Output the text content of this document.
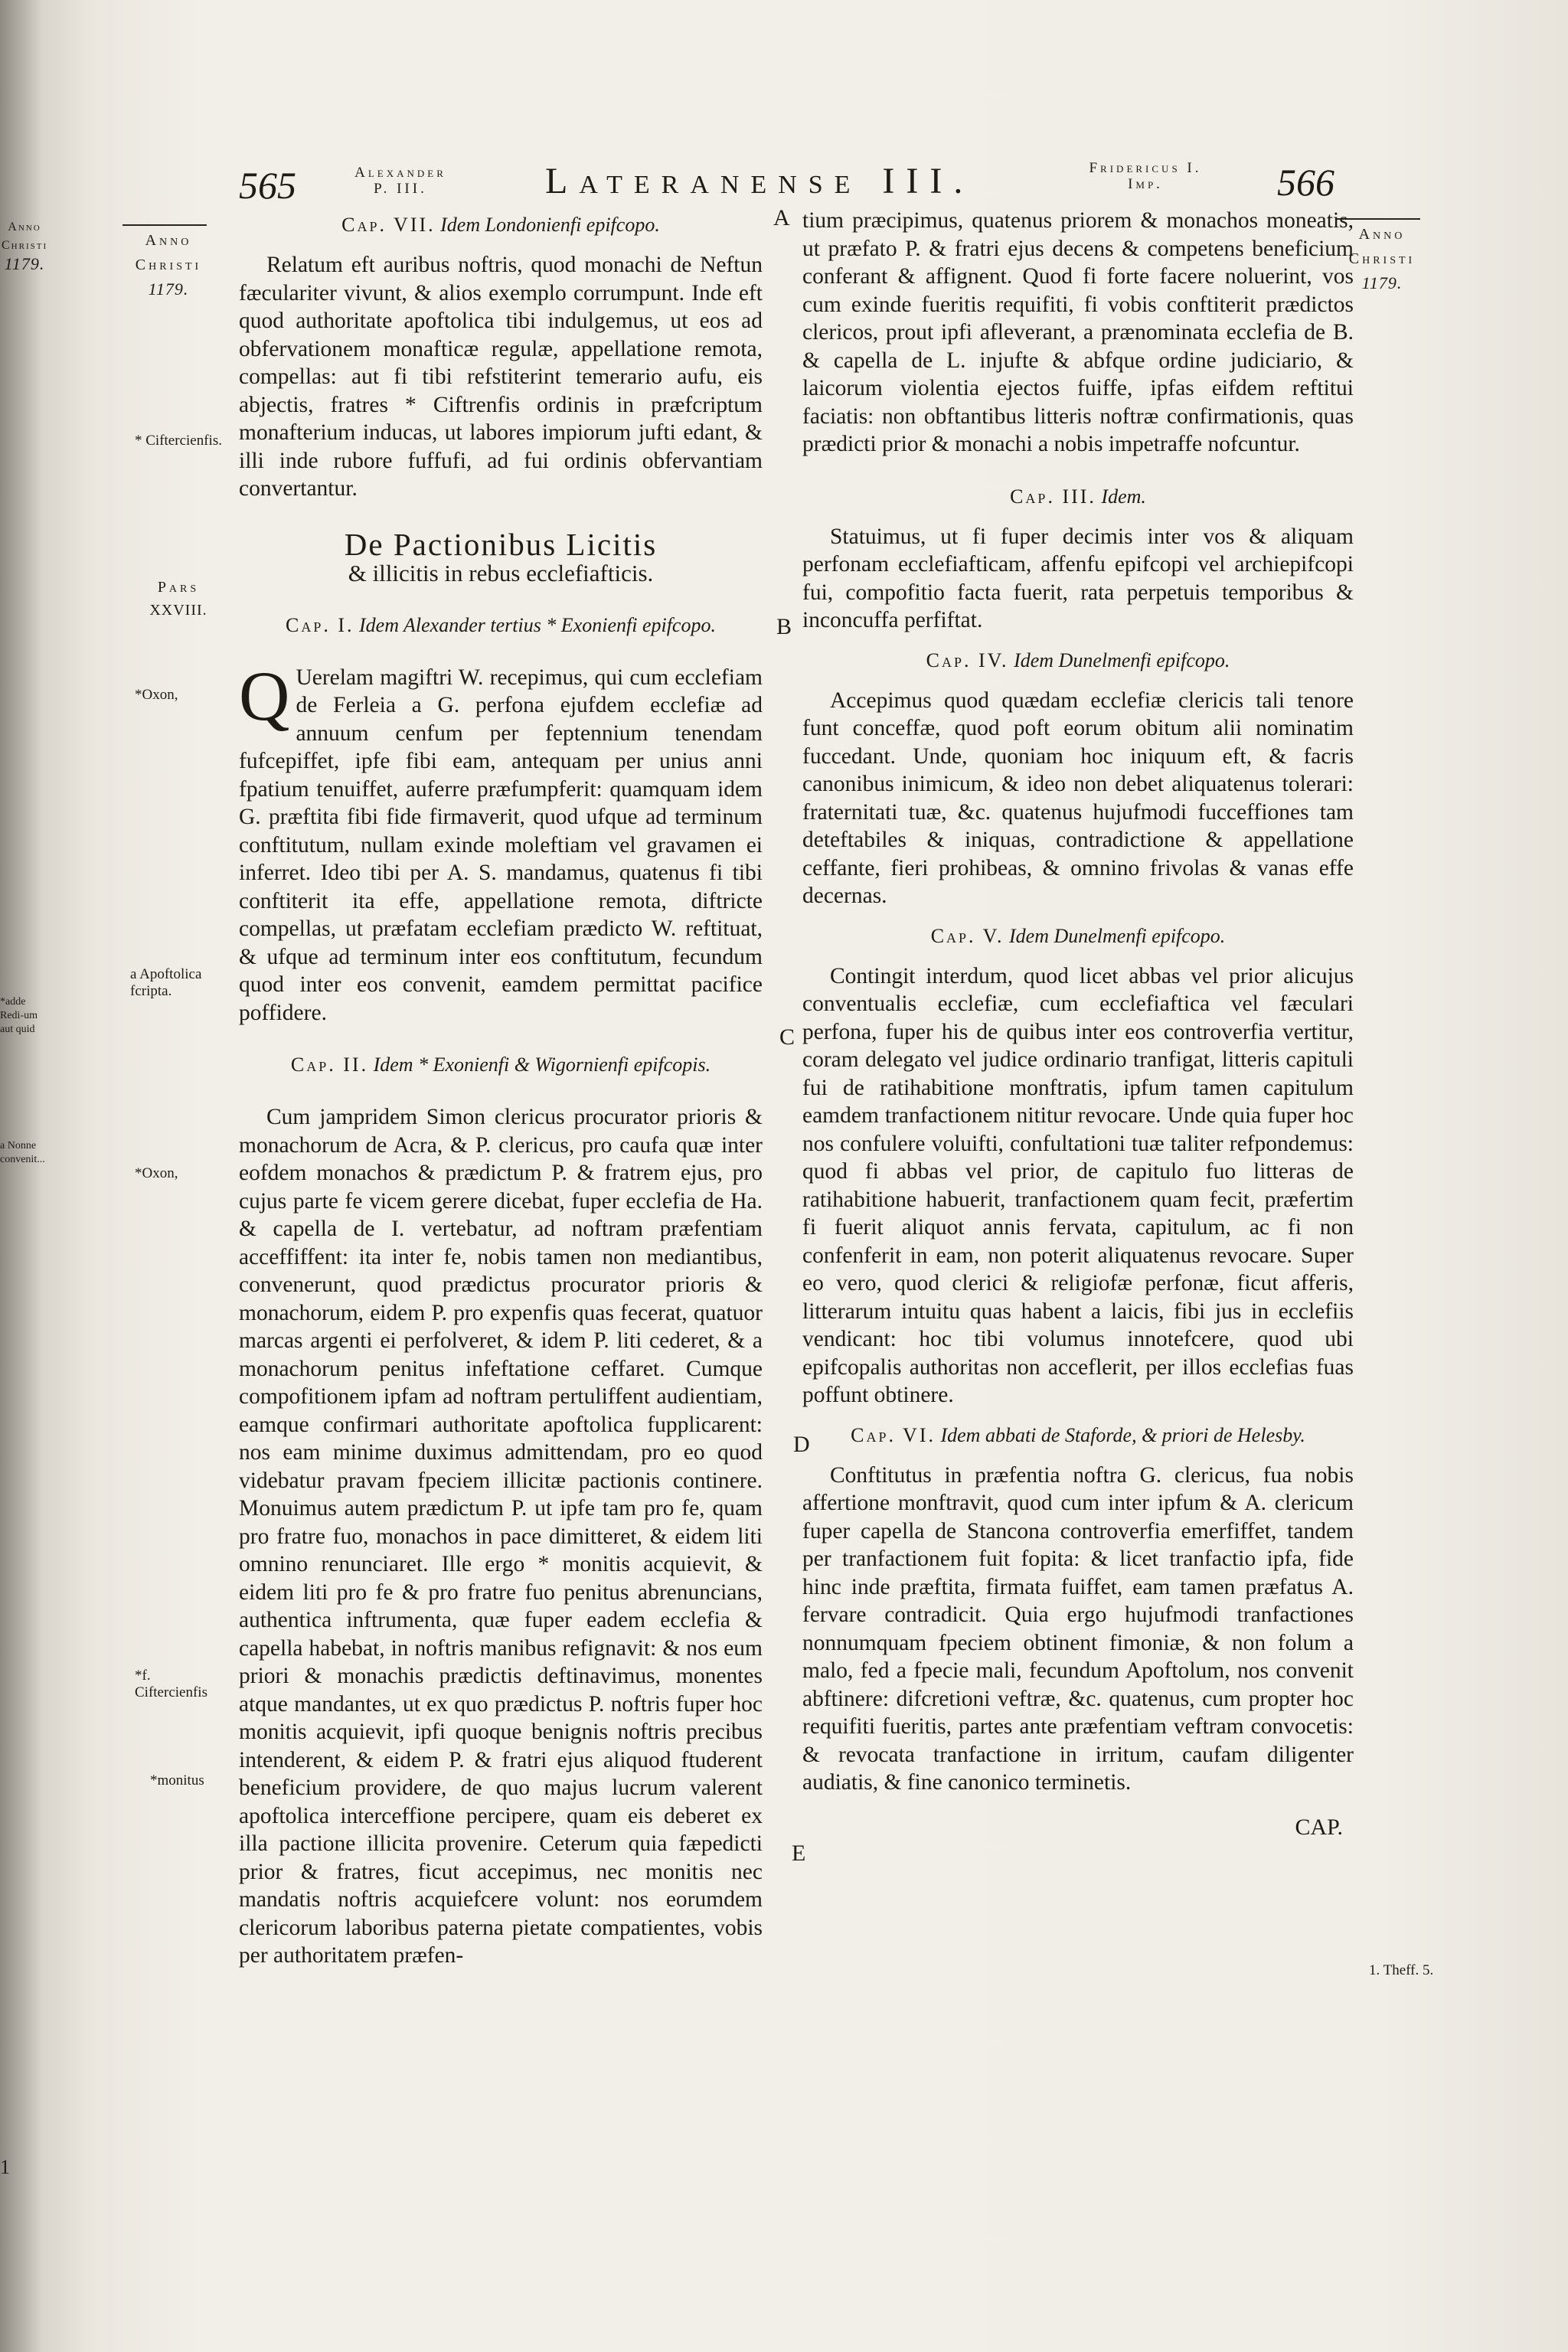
Anno
Christi
1179.
*adde Redi-um aut quid
a Nonne convenit...
1
565	Alexander
P. III.	Lateranense III.	Fridericus I.
Imp.	566
Anno
Christi
1179.
Anno
Christi
1179.
Pars
XXVIII.
* Ciftercienfis.
*Oxon,
a Apoftolica fcripta.
*Oxon,
*f. Ciftercienfis
*monitus
1. Theff. 5.
A
B
C
D
E
Cap. VII. Idem Londonienfi epifcopo.

Relatum eft auribus noftris, quod monachi de Neftun fæculariter vivunt, & alios exemplo corrumpunt. Inde eft quod authoritate apoftolica tibi indulgemus, ut eos ad obfervationem monafticæ regulæ, appellatione remota, compellas: aut fi tibi refstiterint temerario aufu, eis abjectis, fratres * Ciftrenfis ordinis in præfcriptum monafterium inducas, ut labores impiorum jufti edant, & illi inde rubore fuffufi, ad fui ordinis obfervantiam convertantur.

De Pactionibus Licitis
& illicitis in rebus ecclefiafticis.
Cap. I. Idem Alexander tertius * Exonienfi epifcopo.

Q Uerelam magiftri W. recepimus, qui cum ecclefiam de Ferleia a G. perfona ejufdem ecclefiæ ad annuum cenfum per feptennium tenendam fufcepiffet, ipfe fibi eam, antequam per unius anni fpatium tenuiffet, auferre præfumpferit: quamquam idem G. præftita fibi fide firmaverit, quod ufque ad terminum conftitutum, nullam exinde moleftiam vel gravamen ei inferret. Ideo tibi per A. S. mandamus, quatenus fi tibi conftiterit ita effe, appellatione remota, diftricte compellas, ut præfatam ecclefiam prædicto W. reftituat, & ufque ad terminum inter eos conftitutum, fecundum quod inter eos convenit, eamdem permittat pacifice poffidere.

Cap. II. Idem * Exonienfi & Wigornienfi epifcopis.

Cum jampridem Simon clericus procurator prioris & monachorum de Acra, & P. clericus, pro caufa quæ inter eofdem monachos & prædictum P. & fratrem ejus, pro cujus parte fe vicem gerere dicebat, fuper ecclefia de Ha. & capella de I. vertebatur, ad noftram præfentiam acceffiffent: ita inter fe, nobis tamen non mediantibus, convenerunt, quod prædictus procurator prioris & monachorum, eidem P. pro expenfis quas fecerat, quatuor marcas argenti ei perfolveret, & idem P. liti cederet, & a monachorum penitus infeftatione ceffaret. Cumque compofitionem ipfam ad noftram pertuliffent audientiam, eamque confirmari authoritate apoftolica fupplicarent: nos eam minime duximus admittendam, pro eo quod videbatur pravam fpeciem illicitæ pactionis continere. Monuimus autem prædictum P. ut ipfe tam pro fe, quam pro fratre fuo, monachos in pace dimitteret, & eidem liti omnino renunciaret. Ille ergo * monitis acquievit, & eidem liti pro fe & pro fratre fuo penitus abrenuncians, authentica inftrumenta, quæ fuper eadem ecclefia & capella habebat, in noftris manibus refignavit: & nos eum priori & monachis prædictis deftinavimus, monentes atque mandantes, ut ex quo prædictus P. noftris fuper hoc monitis acquievit, ipfi quoque benignis noftris precibus intenderent, & eidem P. & fratri ejus aliquod ftuderent beneficium providere, de quo majus lucrum valerent apoftolica interceffione percipere, quam eis deberet ex illa pactione illicita provenire. Ceterum quia fæpedicti prior & fratres, ficut accepimus, nec monitis nec mandatis noftris acquiefcere volunt: nos eorumdem clericorum laboribus paterna pietate compatientes, vobis per authoritatem præfen-

tium præcipimus, quatenus priorem & monachos moneatis, ut præfato P. & fratri ejus decens & competens beneficium conferant & affignent. Quod fi forte facere noluerint, vos cum exinde fueritis requifiti, fi vobis conftiterit prædictos clericos, prout ipfi afleverant, a prænominata ecclefia de B. & capella de L. injufte & abfque ordine judiciario, & laicorum violentia ejectos fuiffe, ipfas eifdem reftitui faciatis: non obftantibus litteris noftræ confirmationis, quas prædicti prior & monachi a nobis impetraffe nofcuntur.

Cap. III. Idem.

Statuimus, ut fi fuper decimis inter vos & aliquam perfonam ecclefiafticam, affenfu epifcopi vel archiepifcopi fui, compofitio facta fuerit, rata perpetuis temporibus & inconcuffa perfiftat.

Cap. IV. Idem Dunelmenfi epifcopo.

Accepimus quod quædam ecclefiæ clericis tali tenore funt conceffæ, quod poft eorum obitum alii nominatim fuccedant. Unde, quoniam hoc iniquum eft, & facris canonibus inimicum, & ideo non debet aliquatenus tolerari: fraternitati tuæ, &c. quatenus hujufmodi fucceffiones tam deteftabiles & iniquas, contradictione & appellatione ceffante, fieri prohibeas, & omnino frivolas & vanas effe decernas.

Cap. V. Idem Dunelmenfi epifcopo.

Contingit interdum, quod licet abbas vel prior alicujus conventualis ecclefiæ, cum ecclefiaftica vel fæculari perfona, fuper his de quibus inter eos controverfia vertitur, coram delegato vel judice ordinario tranfigat, litteris capituli fui de ratihabitione monftratis, ipfum tamen capitulum eamdem tranfactionem nititur revocare. Unde quia fuper hoc nos confulere voluifti, confultationi tuæ taliter refpondemus: quod fi abbas vel prior, de capitulo fuo litteras de ratihabitione habuerit, tranfactionem quam fecit, præfertim fi fuerit aliquot annis fervata, capitulum, ac fi non confenferit in eam, non poterit aliquatenus revocare. Super eo vero, quod clerici & religiofæ perfonæ, ficut afferis, litterarum intuitu quas habent a laicis, fibi jus in ecclefiis vendicant: hoc tibi volumus innotefcere, quod ubi epifcopalis authoritas non acceflerit, per illos ecclefias fuas poffunt obtinere.

Cap. VI. Idem abbati de Staforde, & priori de Helesby.

Conftitutus in præfentia noftra G. clericus, fua nobis affertione monftravit, quod cum inter ipfum & A. clericum fuper capella de Stancona controverfia emerfiffet, tandem per tranfactionem fuit fopita: & licet tranfactio ipfa, fide hinc inde præftita, firmata fuiffet, eam tamen præfatus A. fervare contradicit. Quia ergo hujufmodi tranfactiones nonnumquam fpeciem obtinent fimoniæ, & non folum a malo, fed a fpecie mali, fecundum Apoftolum, nos convenit abftinere: difcretioni veftræ, &c. quatenus, cum propter hoc requifiti fueritis, partes ante præfentiam veftram convocetis: & revocata tranfactione in irritum, caufam diligenter audiatis, & fine canonico terminetis.

CAP.
